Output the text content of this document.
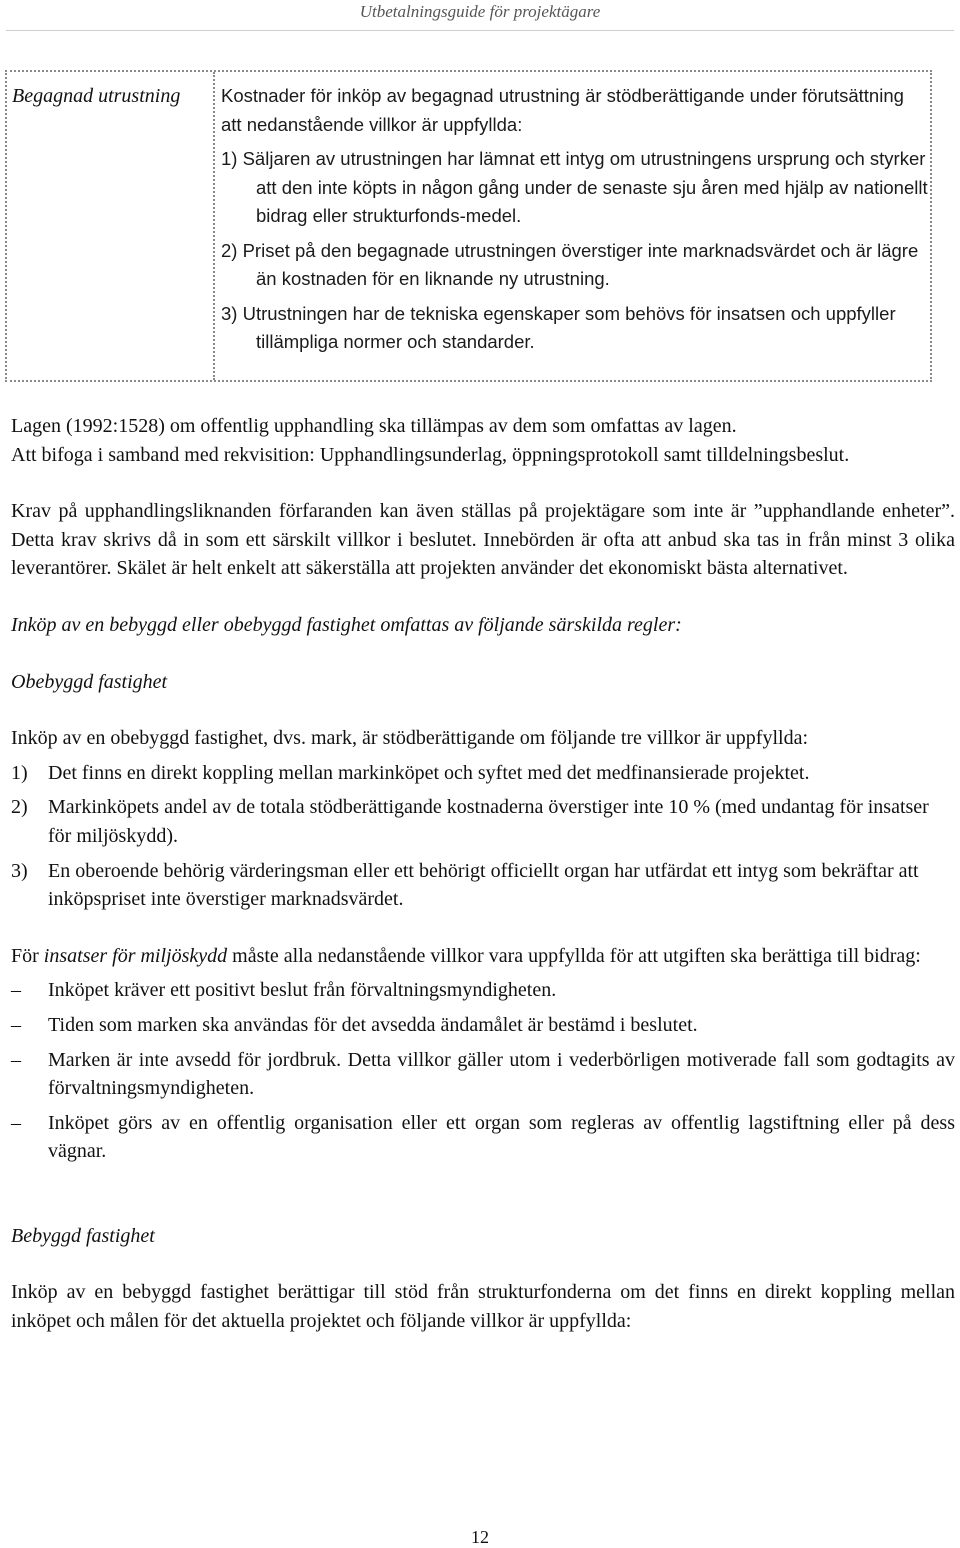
Utbetalningsguide för projektägare
Begagnad utrustning	Kostnader för inköp av begagnad utrustning är stödberättigande under förutsättning att nedanstående villkor är uppfyllda:

1) Säljaren av utrustningen har lämnat ett intyg om utrustningens ursprung och styrker att den inte köpts in någon gång under de senaste sju åren med hjälp av nationellt bidrag eller strukturfonds-medel.

2) Priset på den begagnade utrustningen överstiger inte marknadsvärdet och är lägre än kostnaden för en liknande ny utrustning.

3) Utrustningen har de tekniska egenskaper som behövs för insatsen och uppfyller tillämpliga normer och standarder.

Lagen (1992:1528) om offentlig upphandling ska tillämpas av dem som omfattas av lagen.

Att bifoga i samband med rekvisition: Upphandlingsunderlag, öppningsprotokoll samt tilldelningsbeslut.

Krav på upphandlingsliknanden förfaranden kan även ställas på projektägare som inte är ”upphandlande enheter”. Detta krav skrivs då in som ett särskilt villkor i beslutet. Innebörden är ofta att anbud ska tas in från minst 3 olika leverantörer. Skälet är helt enkelt att säkerställa att projekten använder det ekonomiskt bästa alternativet.

Inköp av en bebyggd eller obebyggd fastighet omfattas av följande särskilda regler:

Obebyggd fastighet

Inköp av en obebyggd fastighet, dvs. mark, är stödberättigande om följande tre villkor är uppfyllda:

1)	Det finns en direkt koppling mellan markinköpet och syftet med det medfinansierade projektet.
2)	Markinköpets andel av de totala stödberättigande kostnaderna överstiger inte 10 % (med undantag för insatser för miljöskydd).
3)	En oberoende behörig värderingsman eller ett behörigt officiellt organ har utfärdat ett intyg som bekräftar att inköpspriset inte överstiger marknadsvärdet.

För insatser för miljöskydd måste alla nedanstående villkor vara uppfyllda för att utgiften ska berättiga till bidrag:

–	Inköpet kräver ett positivt beslut från förvaltningsmyndigheten.
–	Tiden som marken ska användas för det avsedda ändamålet är bestämd i beslutet.
–	Marken är inte avsedd för jordbruk. Detta villkor gäller utom i vederbörligen motiverade fall som godtagits av förvaltningsmyndigheten.
–	Inköpet görs av en offentlig organisation eller ett organ som regleras av offentlig lagstiftning eller på dess vägnar.

Bebyggd fastighet

Inköp av en bebyggd fastighet berättigar till stöd från strukturfonderna om det finns en direkt koppling mellan inköpet och målen för det aktuella projektet och följande villkor är uppfyllda:

12
